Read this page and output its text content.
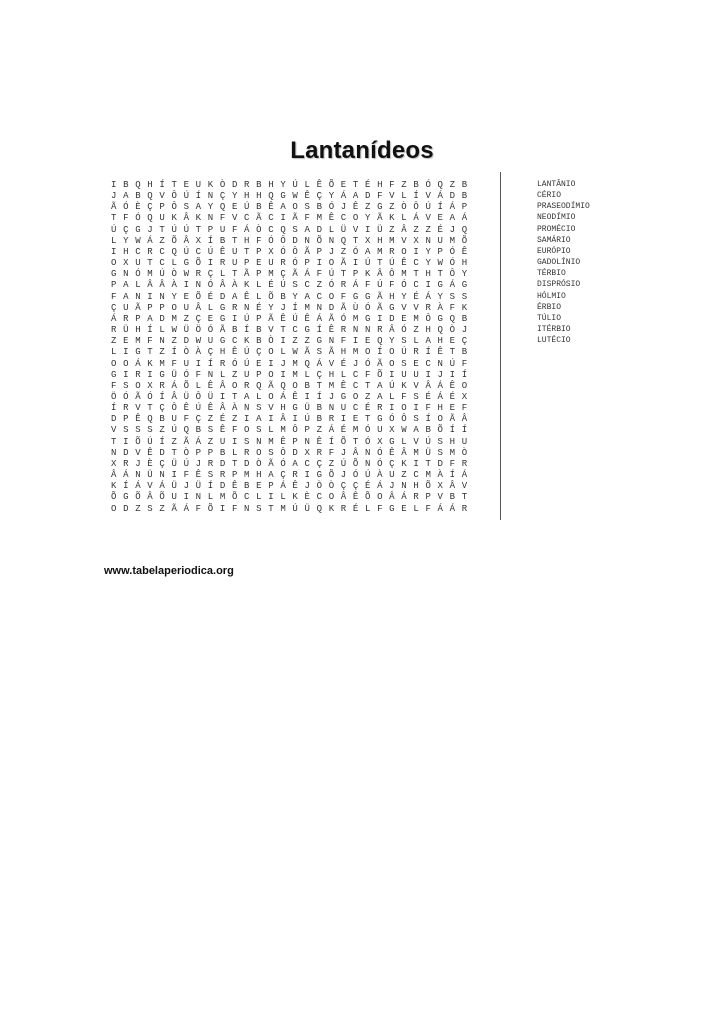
Lantanídeos
I B Q H Í T E U K Ò D R B H Y Ú L Ê Õ E T É H F Z B Ó Q Z B
J A B Q V Ô Ú Í N Ç Y H H Q G W Ê Ç Y Á A D F V L Í V Á D B
Ã Ó È Ç P Ô S A Y Q E Ú B Ê A O S B Ó J Ê Z G Z Ò Ô Ú Í Á P
T F Ó Q U K Â K N F V C Ã C I Ã F M Ê C O Y Ã K L Á V E A Á
Ú Ç G J T Ú Ú T P U F Á Ò C Q S A D L Ü V I Ü Z Â Z Z É J Q
L Y W Á Z Õ Â X Í B T H F Ó Ô D N Õ N Q T X H M V X N U M Õ
I H C R C Q Ú C Ú Ê U T P X Ó Ô Ã P J Z Ó A M R O I Y P Ó Ê
O X U T C L G Õ I R U P E U R Ó P I O Ã I Ú T Ú Ê C Y W Ó H
G N Ó M Ú Ò W R Ç L T Ã P M Ç Ã Á F Ú T P K Â Ô M T H T Ô Y
P A L Â Â À I N Ó Â À K L É Ú S C Z Ó R Á F Ú F Ó C I G Á G
F A N I N Y E Õ É D A Ê L Õ B Y A C O F G G Ã H Y É Á Y S S
Ç U Ã P P O U Â L G R N É Y J Í M N D Ã Ù Ó Ã G V V R À F K
Á R P A D M Z Ç E G I Ú P Ã Ê Ú Ê Á Ã Ó M G I D E M Ô G Q B
R Ü H Í L W Ü Ö Ó Ã B Í B V T C G Í Ê R N N R Â Ó Z H Q Ò J
Z E M F N Z D W U G C K B Ò I Z Z G N F I E Q Y S L A H E Ç
L I G T Z Í Ò À Ç H Ê Ú Ç O L W Ã S Ã H M O Í O Ú R Í Ê T B
O O Á K M F U I Í R Ó Ú E I J M Q Á V É J Ó Ã O S E C N Ú F
G I R I G Ü Ó F N L Z U P O I M L Ç H L C F Õ I U U I J I Í
F S O X R Á Õ L Ê Â O R Q Ã Q O B T M Ê C T A Ú K V Â Á Ê O
Ö Ó Ã Ó Í Â Ü Ô Ü I T A L O Á Ê I Í J G O Z A L F S É Á É X
Í R V T Ç Ô Ê Ú Ê Â À N S V H G Ü B N U C É R I O I F H E F
D P Ê Q B U F Ç Z É Z I A I Â I Ú B R I E T G Ó Ô S Í O Ã Â
V S S S Z Ú Q B S Ê F O S L M Ô P Z Á É M Ó U X W A B Õ Í Í
T I Õ Ú Í Z Ã Á Z U I S N M Ê P N Ê Í Õ T Ó X G L V Ú S H U
N D V Ê D T Ò P P B L R O S Ô D X R F J Â N Ó Ê Â M Ü S M Ò
X R J È Ç Ü Ú J R D T D Ò Ã Ó A C Ç Z Ú Õ N Ó Ç K I T D F R
Â Á N Ü N I F Ê S R P M H A Ç R I G Õ J Ó Ú À U Z C M À Í Á
K Í Á V Á Ü J Ü Í D Ê B E P Á Ê J Ò Ò Ç Ç É Á J N H Õ X Â V
Õ G Õ Â Õ U I N L M Õ C L I L K È C O Â Ê Õ O Â Á R P V B T
O D Z S Z Ã Á F Õ I F N S T M Ú Ü Q K R É L F G E L F Á Á R
LANTÂNIO
CÉRIO
PRASEODÍMIO
NEODÍMIO
PROMÉCIO
SAMÁRIO
EURÓPIO
GADOLÍNIO
TÉRBIO
DISPRÓSIO
HÓLMIO
ÉRBIO
TÚLIO
ITÉRBIO
LUTÉCIO
www.tabelaperiodica.org
